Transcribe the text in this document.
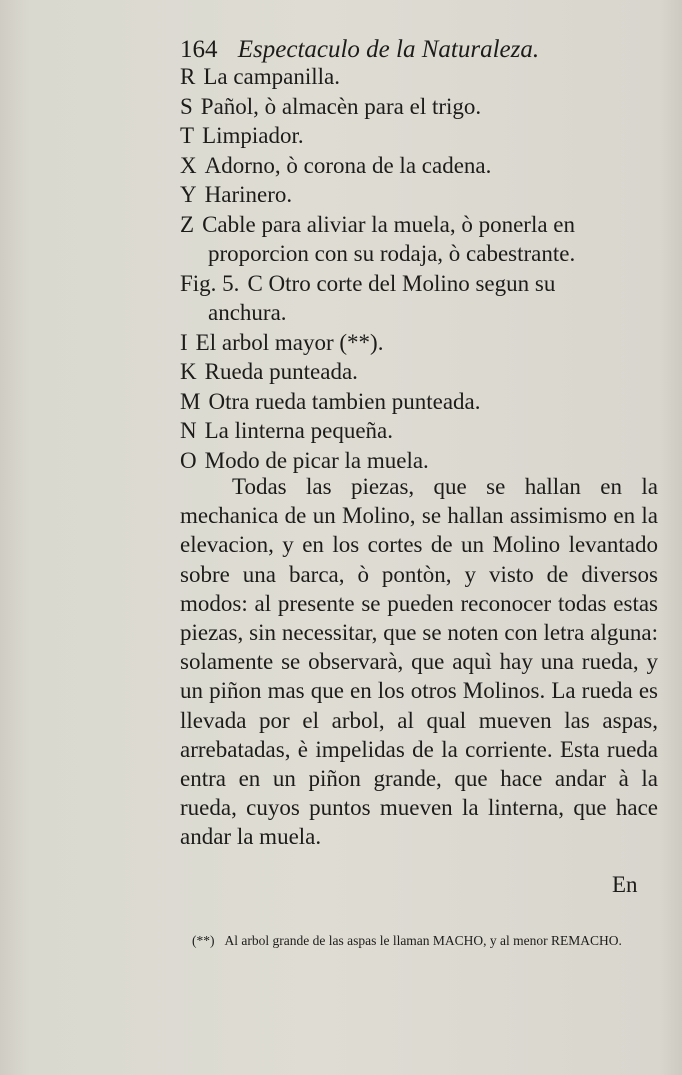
164 Espectaculo de la Naturaleza.
R La campanilla.
S Pañol, ò almacèn para el trigo.
T Limpiador.
X Adorno, ò corona de la cadena.
Y Harinero.
Z Cable para aliviar la muela, ò ponerla en
proporcion con su rodaja, ò cabestrante.
Fig. 5. C Otro corte del Molino segun su
anchura.
I El arbol mayor (**).
K Rueda punteada.
M Otra rueda tambien punteada.
N La linterna pequeña.
O Modo de picar la muela.
Todas las piezas, que se hallan en la mechanica de un Molino, se hallan assimismo en la elevacion, y en los cortes de un Molino levantado sobre una barca, ò pontòn, y visto de diversos modos: al presente se pueden reconocer todas estas piezas, sin necessitar, que se noten con letra alguna: solamente se observarà, que aquì hay una rueda, y un piñon mas que en los otros Molinos. La rueda es llevada por el arbol, al qual mueven las aspas, arrebatadas, è impelidas de la corriente. Esta rueda entra en un piñon grande, que hace andar à la rueda, cuyos puntos mueven la linterna, que hace andar la muela.
En
(**) Al arbol grande de las aspas le llaman MACHO, y al menor REMACHO.
